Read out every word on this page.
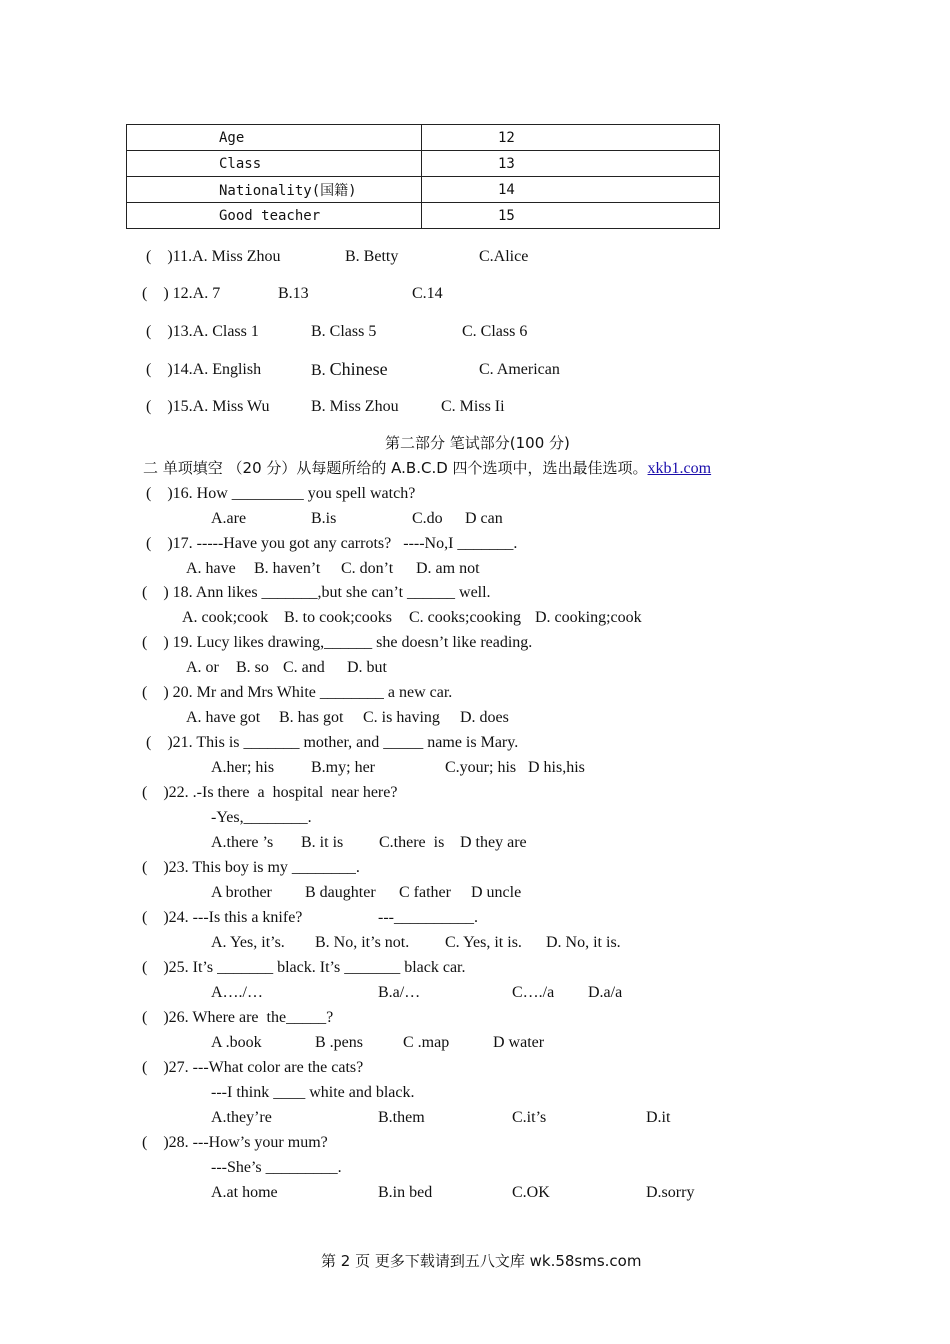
Age	12
Class	13
Nationality(国籍)	14
Good teacher	15
(    )11.A. Miss Zhou	B. Betty	C.Alice
(    ) 12.A. 7	B.13	C.14
(    )13.A. Class 1	B. Class 5	C. Class 6
(    )14.A. English	B. Chinese	C. American
(    )15.A. Miss Wu	B. Miss Zhou	C. Miss Ii
第二部分 笔试部分(100 分)
二 单项填空 （20 分）从每题所给的 A.B.C.D 四个选项中，选出最佳选项。xkb1.com
(    )16. How _________ you spell watch?
A.are	B.is	C.do D can
(    )17. -----Have you got any carrots?   ----No,I _______.
A. have B. haven’t C. don’t D. am not
(    ) 18. Ann likes _______,but she can’t ______ well.
A. cook;cook B. to cook;cooks C. cooks;cooking D. cooking;cook
(    ) 19. Lucy likes drawing,______ she doesn’t like reading.
A. or B. so C. and D. but
(    ) 20. Mr and Mrs White ________ a new car.
A. have got B. has got C. is having D. does
(    )21. This is _______ mother, and _____ name is Mary.
A.her; his B.my; her	C.your; his D his,his
(    )22. .-Is there  a  hospital  near here?
-Yes,________.
A.there ’s B. it is C.there  is D they are
(    )23. This boy is my ________.
A brother B daughter C father D uncle
(    )24. ---Is this a knife?	---__________.
A. Yes, it’s. B. No, it’s not. C. Yes, it is. D. No, it is.
(    )25. It’s _______ black. It’s _______ black car.
A…./…	B.a/…	C…./a D.a/a
(    )26. Where are  the_____?
A .book	B .pens	C .map	D water
(    )27. ---What color are the cats?
---I think ____ white and black.
A.they’re	B.them	C.it’s	D.it
(    )28. ---How’s your mum?
---She’s _________.
A.at home	B.in bed	C.OK	D.sorry
第 2 页 更多下载请到五八文库 wk.58sms.com
